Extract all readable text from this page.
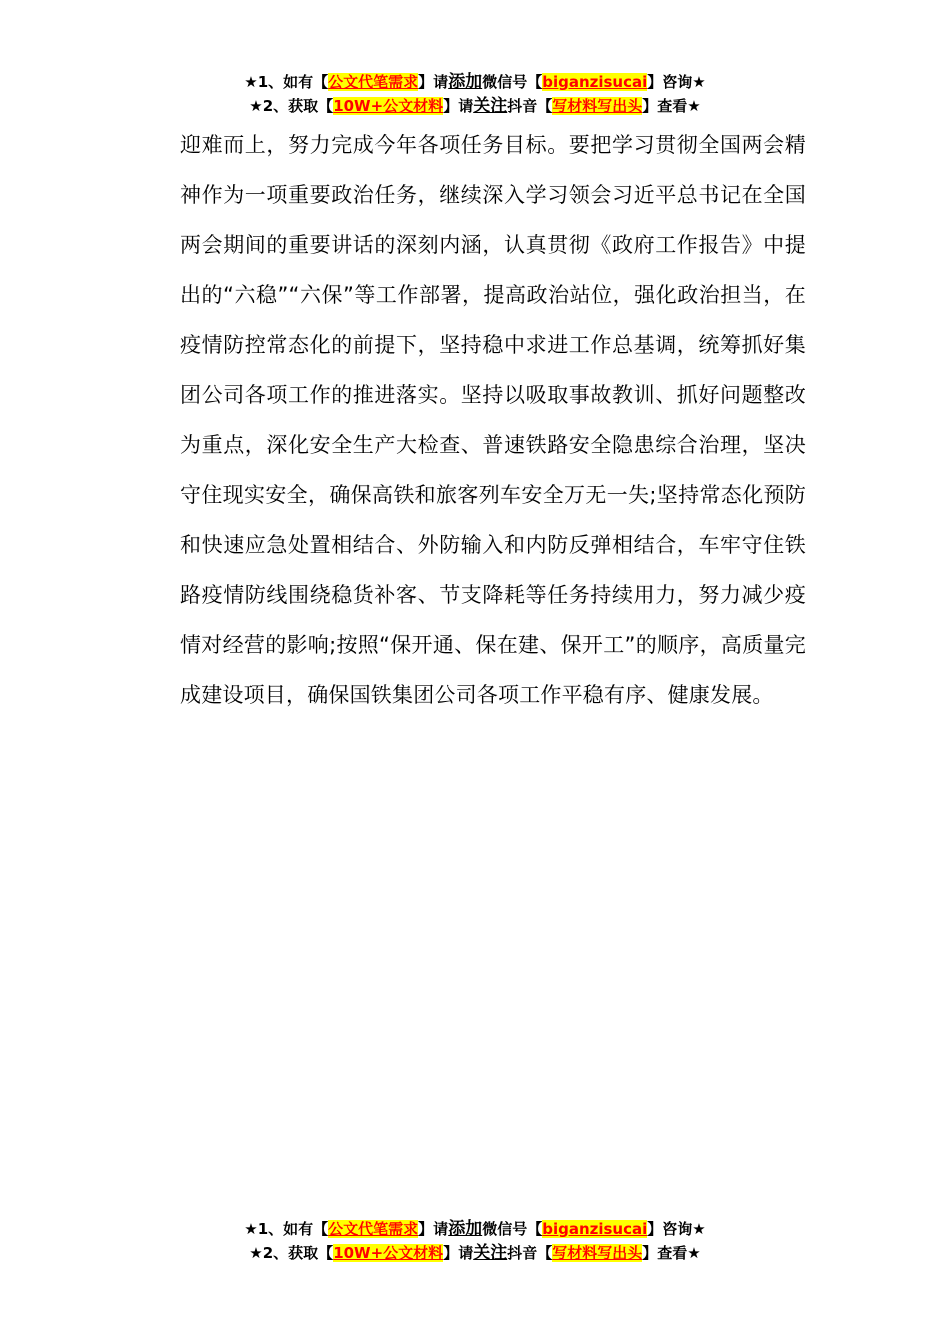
★1、如有【公文代笔需求】请添加微信号【biganzisucai】咨询★
★2、获取【10W+公文材料】请关注抖音【写材料写出头】查看★
迎难而上，努力完成今年各项任务目标。要把学习贯彻全国两会精神作为一项重要政治任务，继续深入学习领会习近平总书记在全国两会期间的重要讲话的深刻内涵，认真贯彻《政府工作报告》中提出的“六稳”“六保”等工作部署，提高政治站位，强化政治担当，在疫情防控常态化的前提下，坚持稳中求进工作总基调，统筹抓好集团公司各项工作的推进落实。坚持以吸取事故教训、抓好问题整改为重点，深化安全生产大检查、普速铁路安全隐患综合治理，坚决守住现实安全，确保高铁和旅客列车安全万无一失;坚持常态化预防和快速应急处置相结合、外防输入和内防反弹相结合，车牢守住铁路疫情防线围绕稳货补客、节支降耗等任务持续用力，努力减少疫情对经营的影响;按照“保开通、保在建、保开工”的顺序，高质量完成建设项目，确保国铁集团公司各项工作平稳有序、健康发展。
★1、如有【公文代笔需求】请添加微信号【biganzisucai】咨询★
★2、获取【10W+公文材料】请关注抖音【写材料写出头】查看★
